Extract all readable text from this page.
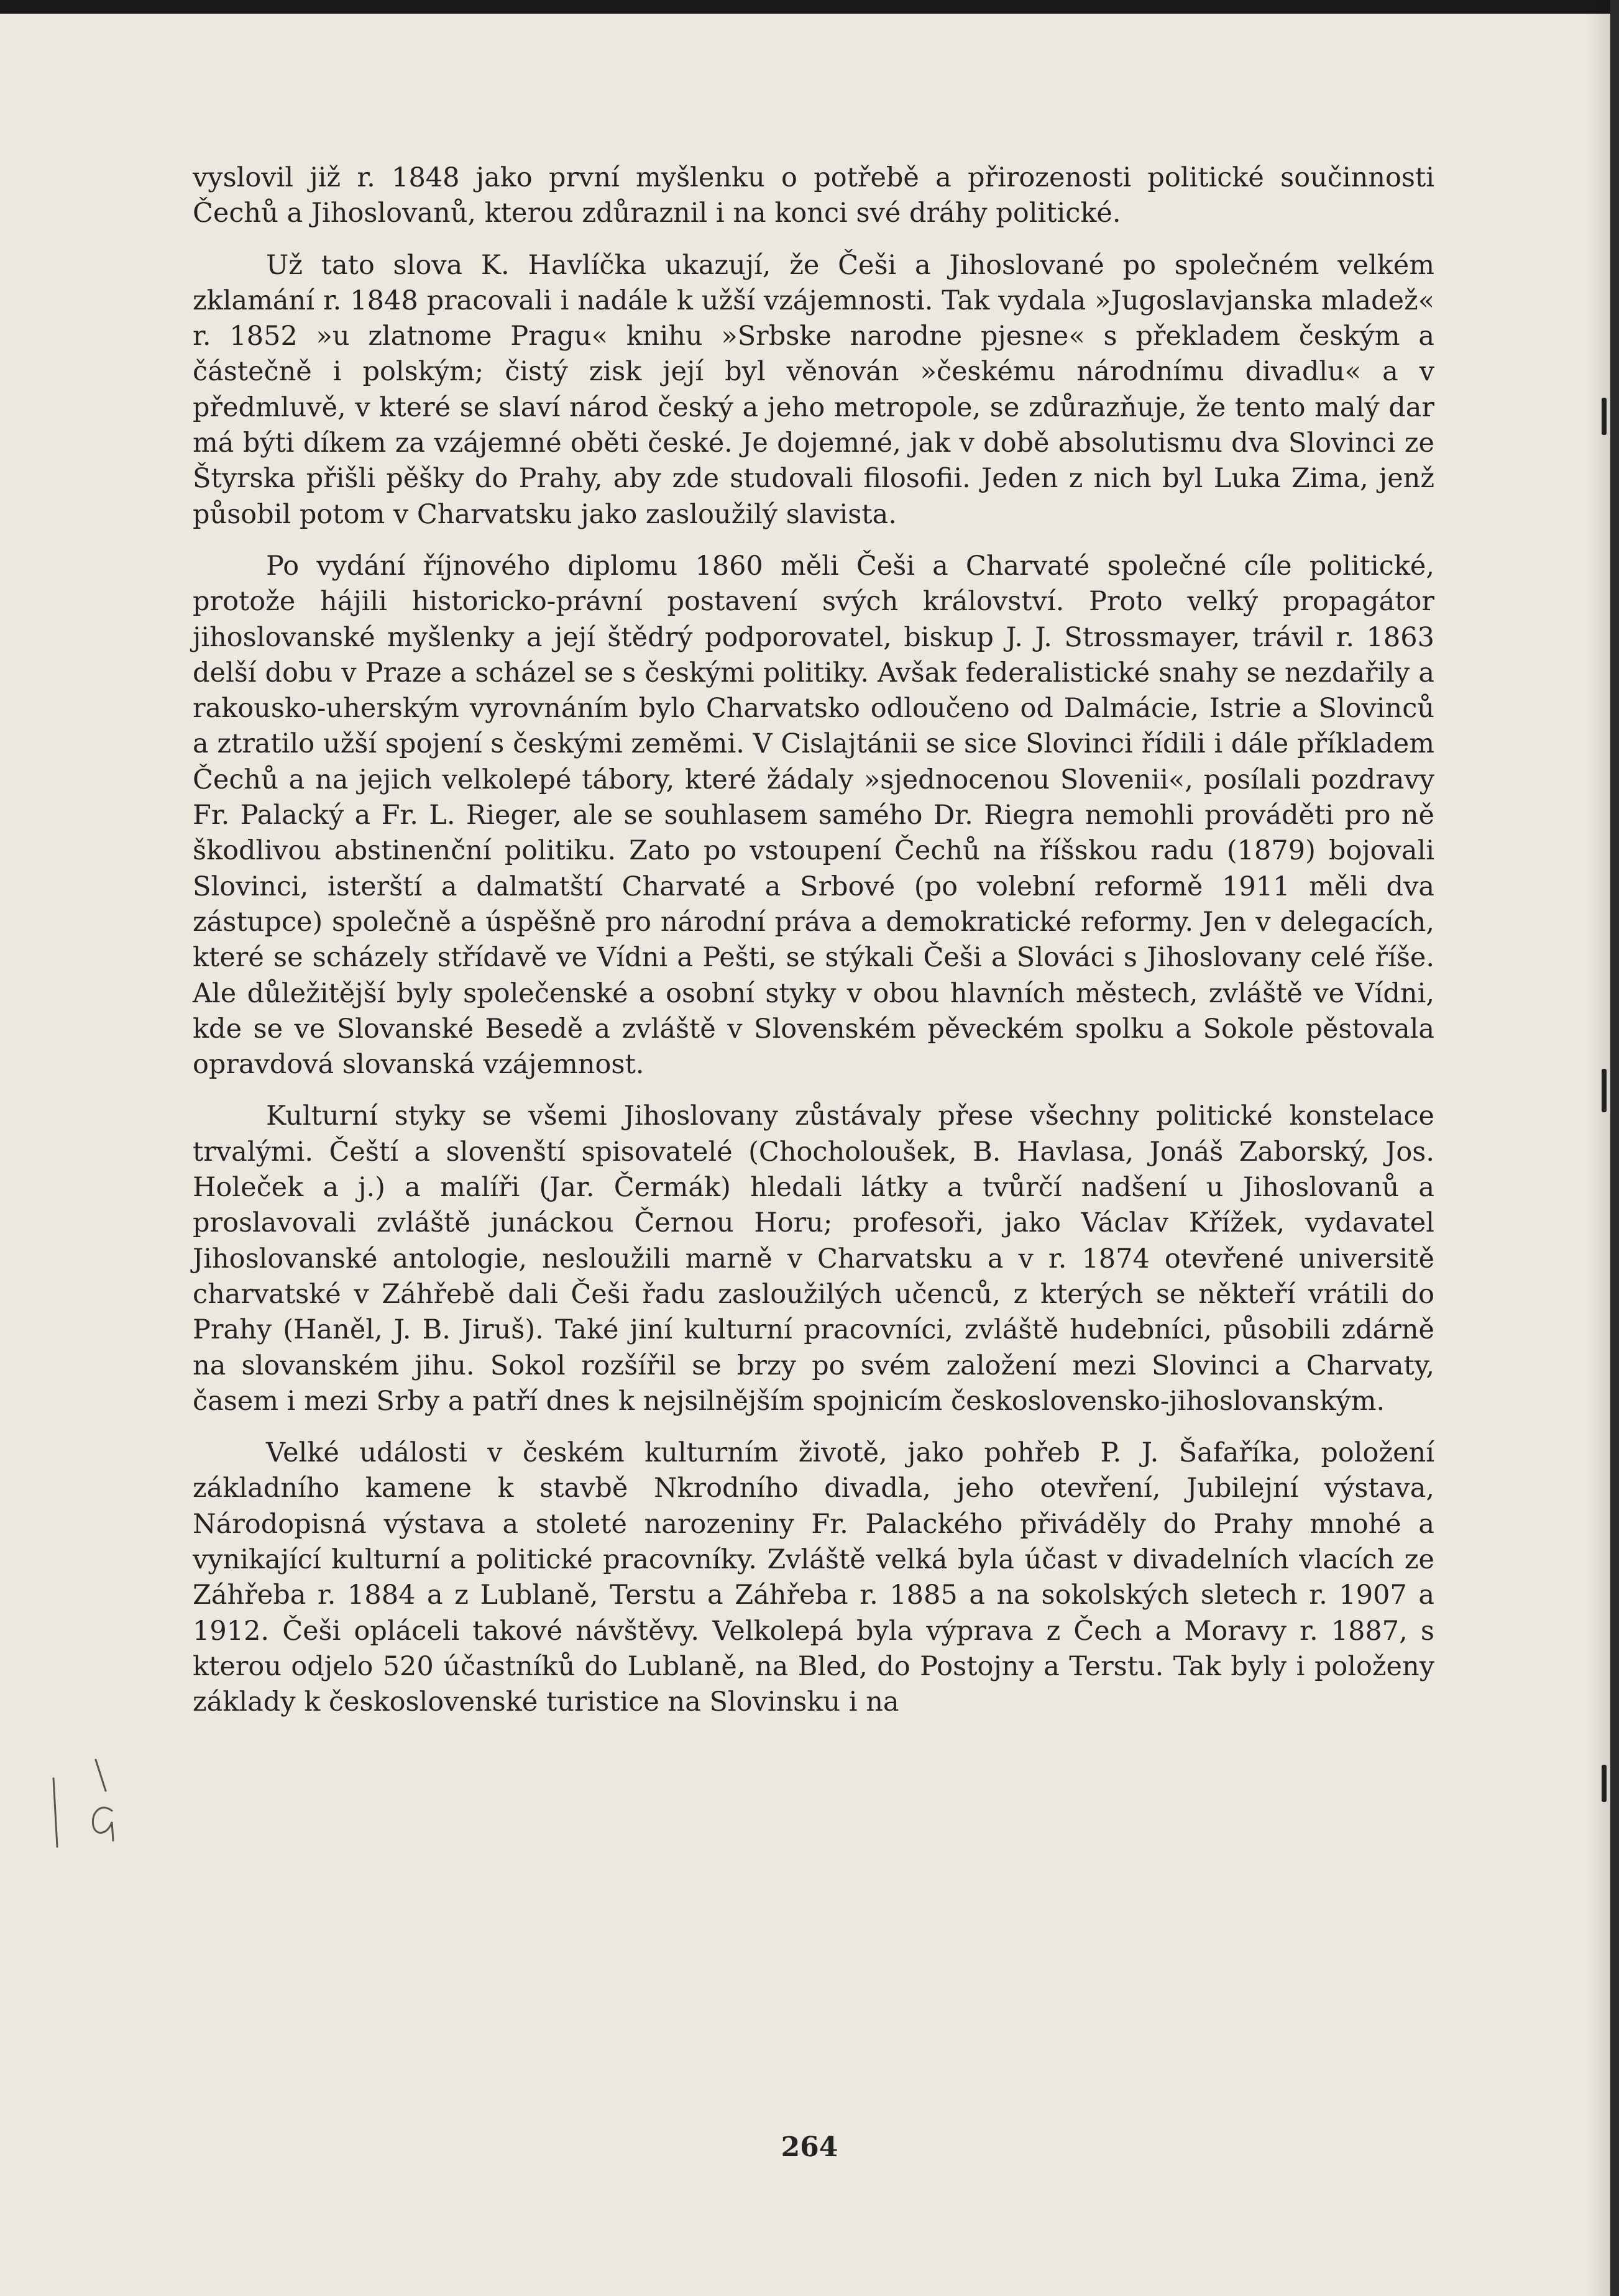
vyslovil již r. 1848 jako první myšlenku o potřebě a přirozenosti politické součinnosti Čechů a Jihoslovanů, kterou zdůraznil i na konci své dráhy politické.

Už tato slova K. Havlíčka ukazují, že Češi a Jihoslované po společném velkém zklamání r. 1848 pracovali i nadále k užší vzájemnosti. Tak vydala »Jugoslavjanska mladež« r. 1852 »u zlatnome Pragu« knihu »Srbske narodne pjesne« s překladem českým a částečně i polským; čistý zisk její byl věnován »českému národnímu divadlu« a v předmluvě, v které se slaví národ český a jeho metropole, se zdůrazňuje, že tento malý dar má býti díkem za vzájemné oběti české. Je dojemné, jak v době absolutismu dva Slovinci ze Štyrska přišli pěšky do Prahy, aby zde studovali filosofii. Jeden z nich byl Luka Zima, jenž působil potom v Charvatsku jako zasloužilý slavista.

Po vydání říjnového diplomu 1860 měli Češi a Charvaté společné cíle politické, protože hájili historicko-právní postavení svých království. Proto velký propagátor jihoslovanské myšlenky a její štědrý podporovatel, biskup J. J. Strossmayer, trávil r. 1863 delší dobu v Praze a scházel se s českými politiky. Avšak federalistické snahy se nezdařily a rakousko-uherským vyrovnáním bylo Charvatsko odloučeno od Dalmácie, Istrie a Slovinců a ztratilo užší spojení s českými zeměmi. V Cislajtánii se sice Slovinci řídili i dále příkladem Čechů a na jejich velkolepé tábory, které žádaly »sjednocenou Slovenii«, posílali pozdravy Fr. Palacký a Fr. L. Rieger, ale se souhlasem samého Dr. Riegra nemohli prováděti pro ně škodlivou abstinenční politiku. Zato po vstoupení Čechů na říšskou radu (1879) bojovali Slovinci, isterští a dalmatští Charvaté a Srbové (po volební reformě 1911 měli dva zástupce) společně a úspěšně pro národní práva a demokratické reformy. Jen v delegacích, které se scházely střídavě ve Vídni a Pešti, se stýkali Češi a Slováci s Jihoslovany celé říše. Ale důležitější byly společenské a osobní styky v obou hlavních městech, zvláště ve Vídni, kde se ve Slovanské Besedě a zvláště v Slovenském pěveckém spolku a Sokole pěstovala opravdová slovanská vzájemnost.

Kulturní styky se všemi Jihoslovany zůstávaly přese všechny politické konstelace trvalými. Čeští a slovenští spisovatelé (Chocholoušek, B. Havlasa, Jonáš Zaborský, Jos. Holeček a j.) a malíři (Jar. Čermák) hledali látky a tvůrčí nadšení u Jihoslovanů a proslavovali zvláště junáckou Černou Horu; profesoři, jako Václav Křížek, vydavatel Jihoslovanské antologie, nesloužili marně v Charvatsku a v r. 1874 otevřené universitě charvatské v Záhřebě dali Češi řadu zasloužilých učenců, z kterých se někteří vrátili do Prahy (Haněl, J. B. Jiruš). Také jiní kulturní pracovníci, zvláště hudebníci, působili zdárně na slovanském jihu. Sokol rozšířil se brzy po svém založení mezi Slovinci a Charvaty, časem i mezi Srby a patří dnes k nejsilnějším spojnicím československo-jihoslovanským.

Velké události v českém kulturním životě, jako pohřeb P. J. Šafaříka, položení základního kamene k stavbě Nkrodního divadla, jeho otevření, Jubilejní výstava, Národopisná výstava a stoleté narozeniny Fr. Palackého přiváděly do Prahy mnohé a vynikající kulturní a politické pracovníky. Zvláště velká byla účast v divadelních vlacích ze Záhřeba r. 1884 a z Lublaně, Terstu a Záhřeba r. 1885 a na sokolských sletech r. 1907 a 1912. Češi opláceli takové návštěvy. Velkolepá byla výprava z Čech a Moravy r. 1887, s kterou odjelo 520 účastníků do Lublaně, na Bled, do Postojny a Terstu. Tak byly i položeny základy k československé turistice na Slovinsku i na

264
